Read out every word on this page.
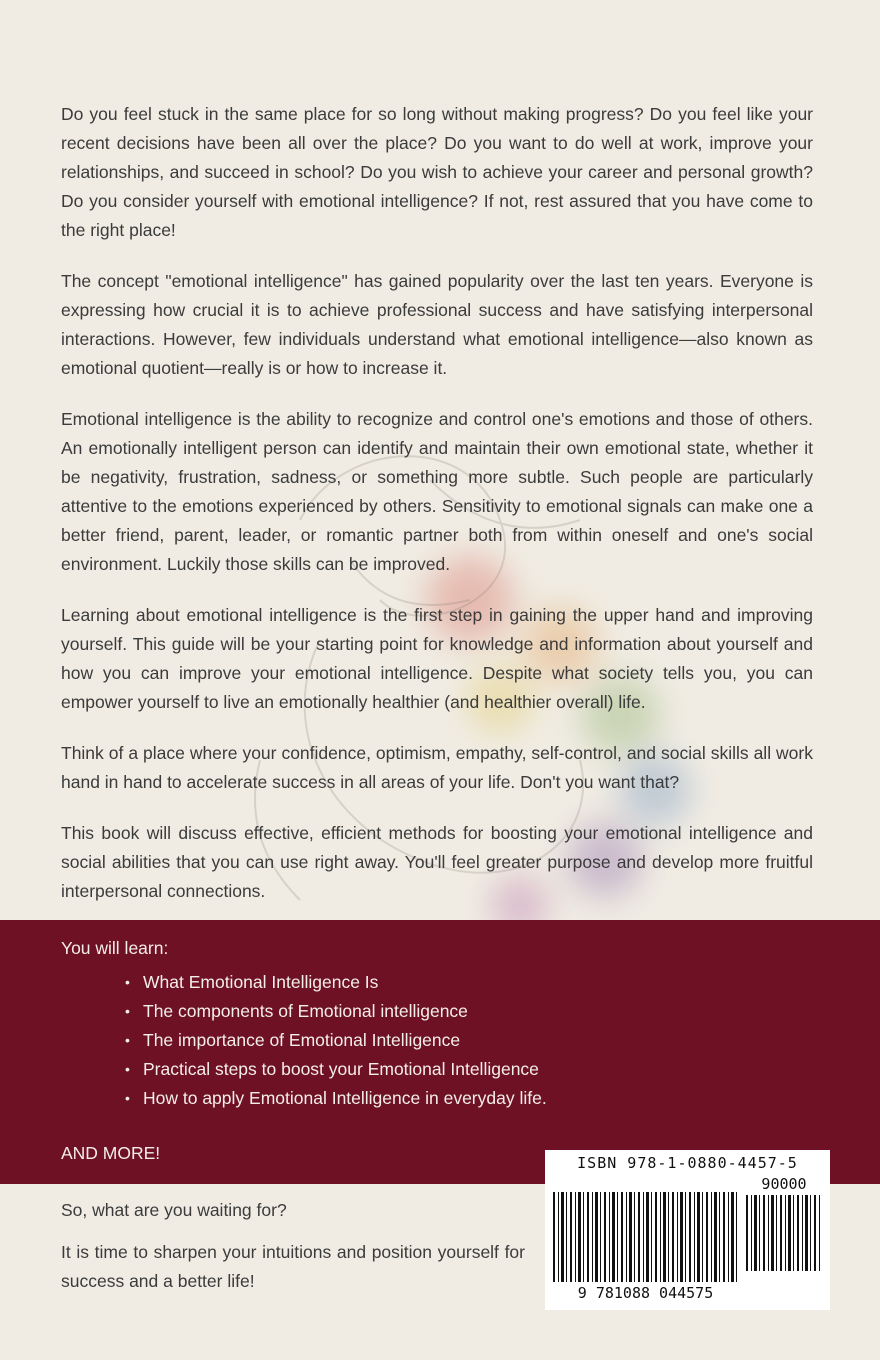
Do you feel stuck in the same place for so long without making progress? Do you feel like your recent decisions have been all over the place? Do you want to do well at work, improve your relationships, and succeed in school? Do you wish to achieve your career and personal growth? Do you consider yourself with emotional intelligence? If not, rest assured that you have come to the right place!

The concept "emotional intelligence" has gained popularity over the last ten years. Everyone is expressing how crucial it is to achieve professional success and have satisfying interpersonal interactions. However, few individuals understand what emotional intelligence—also known as emotional quotient—really is or how to increase it.

Emotional intelligence is the ability to recognize and control one's emotions and those of others. An emotionally intelligent person can identify and maintain their own emotional state, whether it be negativity, frustration, sadness, or something more subtle. Such people are particularly attentive to the emotions experienced by others. Sensitivity to emotional signals can make one a better friend, parent, leader, or romantic partner both from within oneself and one's social environment. Luckily those skills can be improved.

Learning about emotional intelligence is the first step in gaining the upper hand and improving yourself. This guide will be your starting point for knowledge and information about yourself and how you can improve your emotional intelligence. Despite what society tells you, you can empower yourself to live an emotionally healthier (and healthier overall) life.

Think of a place where your confidence, optimism, empathy, self-control, and social skills all work hand in hand to accelerate success in all areas of your life. Don't you want that?

This book will discuss effective, efficient methods for boosting your emotional intelligence and social abilities that you can use right away. You'll feel greater purpose and develop more fruitful interpersonal connections.

You will learn:

• What Emotional Intelligence Is
• The components of Emotional intelligence
• The importance of Emotional Intelligence
• Practical steps to boost your Emotional Intelligence
• How to apply Emotional Intelligence in everyday life.

AND MORE!

So, what are you waiting for?

It is time to sharpen your intuitions and position yourself for success and a better life!

ISBN 978-1-0880-4457-5
9 781088 044575
90000
